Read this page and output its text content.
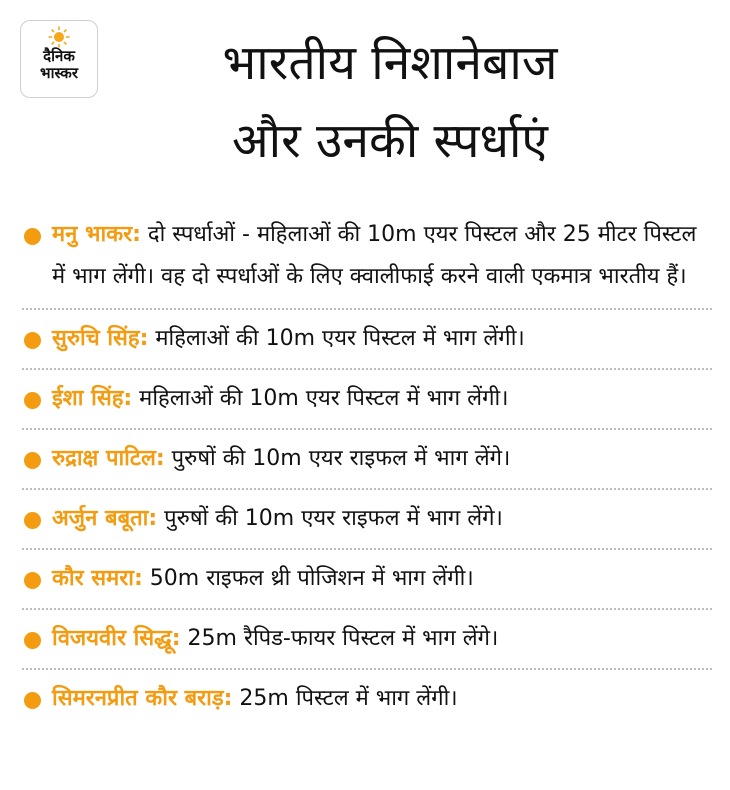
दैनिक
भास्कर	भारतीय निशानेबाज
और उनकी स्पर्धाएं
मनु भाकर: दो स्पर्धाओं - महिलाओं की 10m एयर पिस्टल और 25 मीटर पिस्टल में भाग लेंगी। वह दो स्पर्धाओं के लिए क्वालीफाई करने वाली एकमात्र भारतीय हैं।
सुरुचि सिंह: महिलाओं की 10m एयर पिस्टल में भाग लेंगी।
ईशा सिंह: महिलाओं की 10m एयर पिस्टल में भाग लेंगी।
रुद्राक्ष पाटिल: पुरुषों की 10m एयर राइफल में भाग लेंगे।
अर्जुन बबूता: पुरुषों की 10m एयर राइफल में भाग लेंगे।
कौर समरा: 50m राइफल थ्री पोजिशन में भाग लेंगी।
विजयवीर सिद्धू: 25m रैपिड-फायर पिस्टल में भाग लेंगे।
सिमरनप्रीत कौर बराड़: 25m पिस्टल में भाग लेंगी।
